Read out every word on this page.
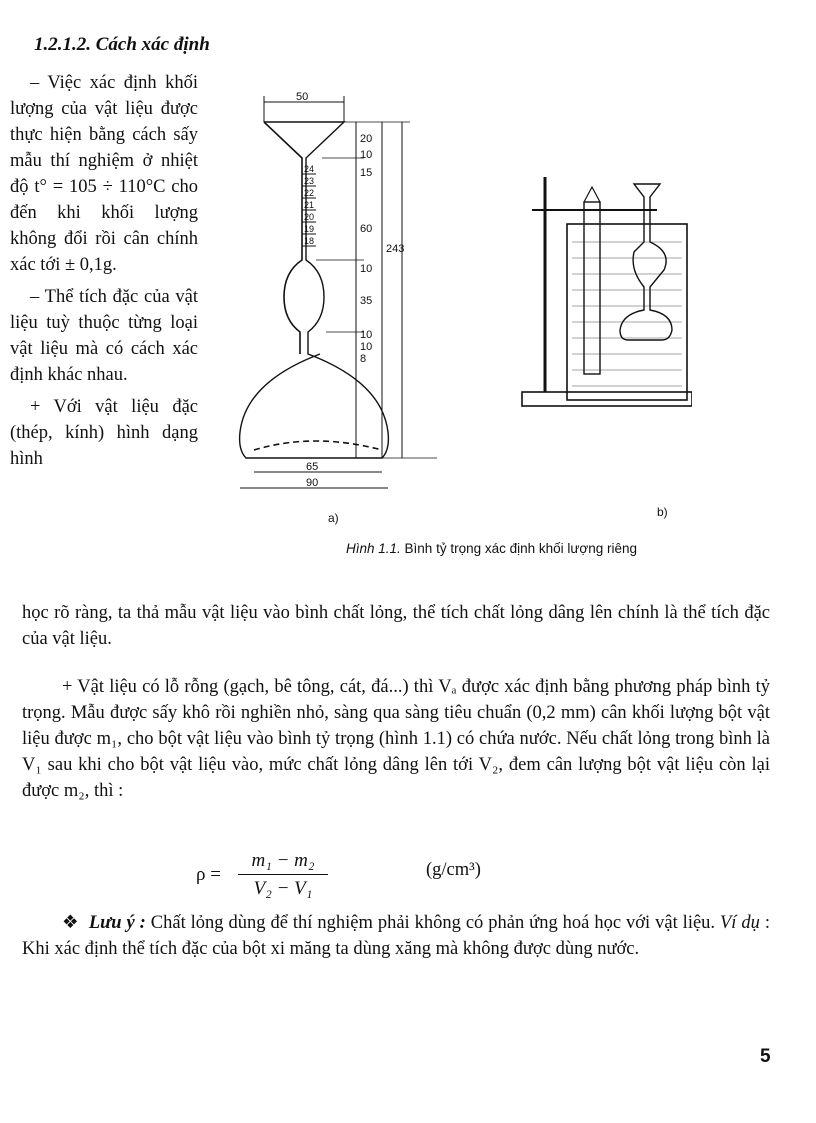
1.2.1.2. Cách xác định

– Việc xác định khối lượng của vật liệu được thực hiện bằng cách sấy mẫu thí nghiệm ở nhiệt độ t° = 105 ÷ 110°C cho đến khi khối lượng không đổi rồi cân chính xác tới ± 0,1g.

– Thể tích đặc của vật liệu tuỳ thuộc từng loại vật liệu mà có cách xác định khác nhau.

+ Với vật liệu đặc (thép, kính) hình dạng hình

học rõ ràng, ta thả mẫu vật liệu vào bình chất lỏng, thể tích chất lỏng dâng lên chính là thể tích đặc của vật liệu.
+ Vật liệu có lỗ rỗng (gạch, bê tông, cát, đá...) thì Vₐ được xác định bằng phương pháp bình tỷ trọng. Mẫu được sấy khô rồi nghiền nhỏ, sàng qua sàng tiêu chuẩn (0,2 mm) cân khối lượng bột vật liệu được m₁, cho bột vật liệu vào bình tỷ trọng (hình 1.1) có chứa nước. Nếu chất lỏng trong bình là V₁ sau khi cho bột vật liệu vào, mức chất lỏng dâng lên tới V₂, đem cân lượng bột vật liệu còn lại được m₂, thì :
50
20
10
15
60
10
35
10
10
8
243
65
90
24
23
22
21
20
19
18
a)	b)
Hình 1.1. Bình tỷ trọng xác định khối lượng riêng
ρ =
m₁ − m₂
V₂ − V₁
(g/cm³)
❖ Lưu ý : Chất lỏng dùng để thí nghiệm phải không có phản ứng hoá học với vật liệu. Ví dụ : Khi xác định thể tích đặc của bột xi măng ta dùng xăng mà không được dùng nước.
5
